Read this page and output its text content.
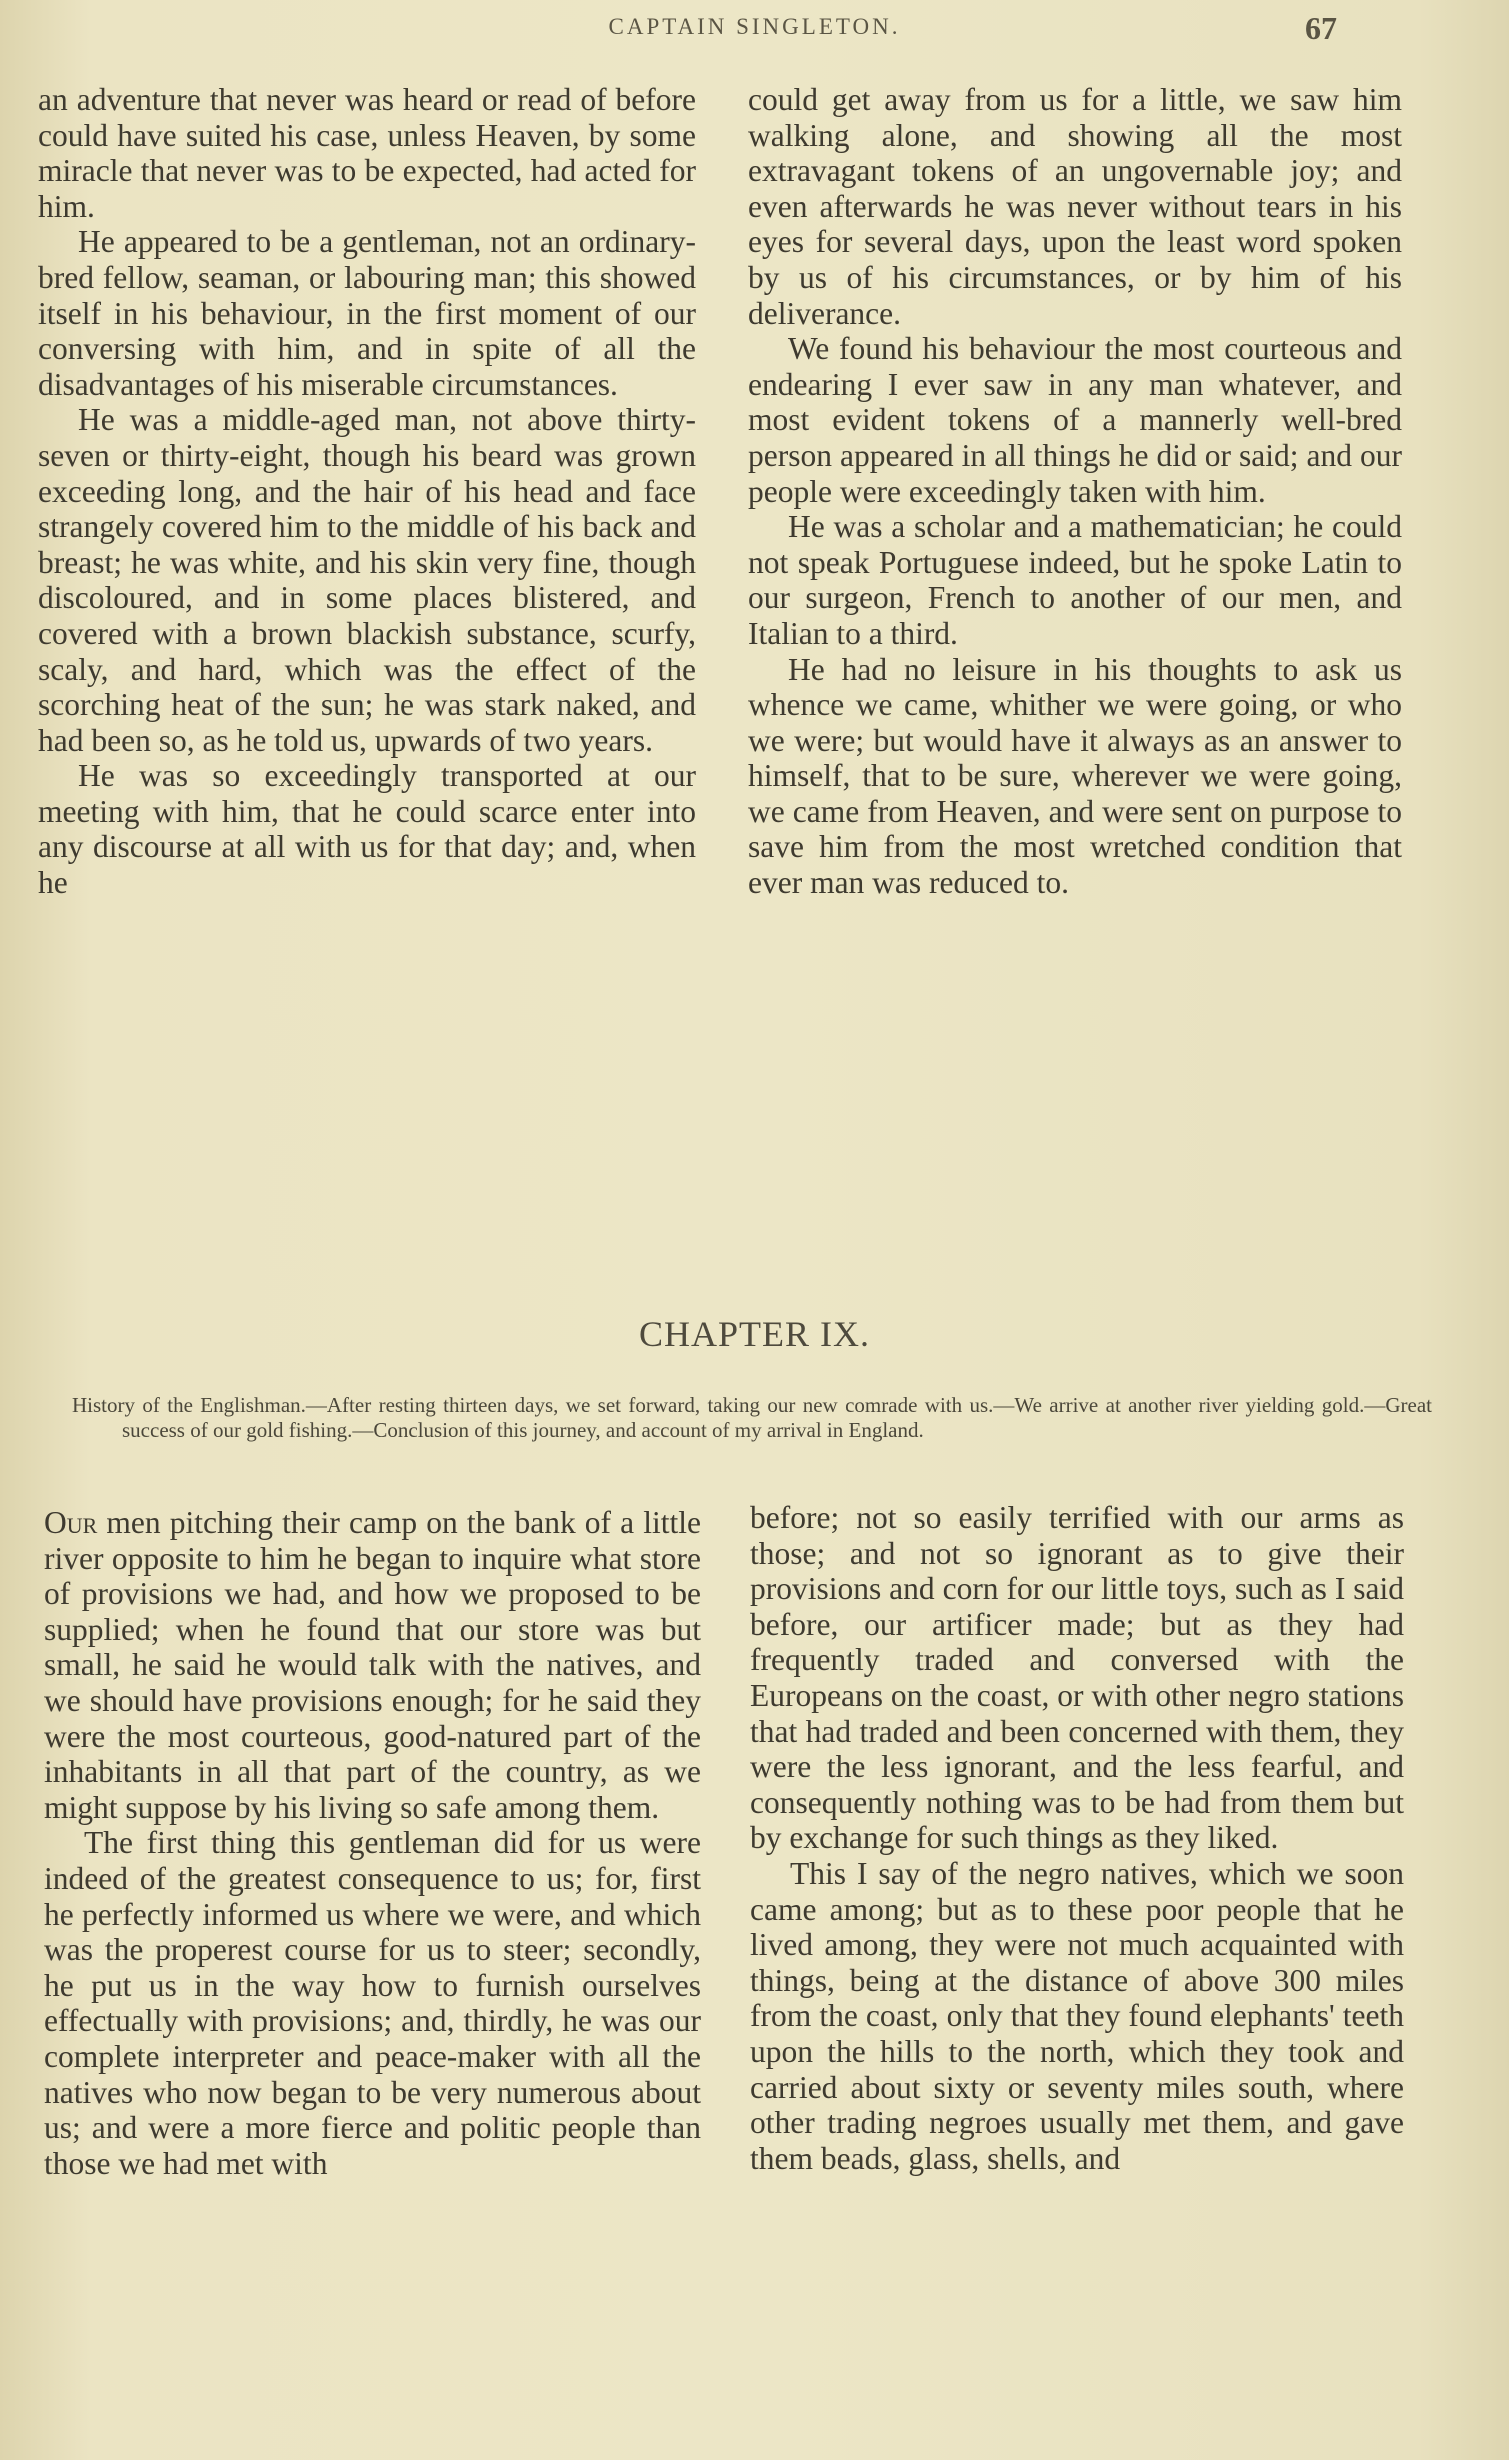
CAPTAIN SINGLETON.	67

an adventure that never was heard or read of before could have suited his case, unless Heaven, by some miracle that never was to be expected, had acted for him.

He appeared to be a gentleman, not an ordinary-bred fellow, seaman, or labouring man; this showed itself in his behaviour, in the first moment of our conversing with him, and in spite of all the disadvantages of his miserable circumstances.

He was a middle-aged man, not above thirty-seven or thirty-eight, though his beard was grown exceeding long, and the hair of his head and face strangely covered him to the middle of his back and breast; he was white, and his skin very fine, though discoloured, and in some places blistered, and covered with a brown blackish substance, scurfy, scaly, and hard, which was the effect of the scorching heat of the sun; he was stark naked, and had been so, as he told us, upwards of two years.

He was so exceedingly transported at our meeting with him, that he could scarce enter into any discourse at all with us for that day; and, when he

could get away from us for a little, we saw him walking alone, and showing all the most extravagant tokens of an ungovernable joy; and even afterwards he was never without tears in his eyes for several days, upon the least word spoken by us of his circumstances, or by him of his deliverance.

We found his behaviour the most courteous and endearing I ever saw in any man whatever, and most evident tokens of a mannerly well-bred person appeared in all things he did or said; and our people were exceedingly taken with him.

He was a scholar and a mathematician; he could not speak Portuguese indeed, but he spoke Latin to our surgeon, French to another of our men, and Italian to a third.

He had no leisure in his thoughts to ask us whence we came, whither we were going, or who we were; but would have it always as an answer to himself, that to be sure, wherever we were going, we came from Heaven, and were sent on purpose to save him from the most wretched condition that ever man was reduced to.

CHAPTER IX.
History of the Englishman.—After resting thirteen days, we set forward, taking our new comrade with us.—We arrive at another river yielding gold.—Great success of our gold fishing.—Conclusion of this journey, and account of my arrival in England.

Our men pitching their camp on the bank of a little river opposite to him he began to inquire what store of provisions we had, and how we proposed to be supplied; when he found that our store was but small, he said he would talk with the natives, and we should have provisions enough; for he said they were the most courteous, good-natured part of the inhabitants in all that part of the country, as we might suppose by his living so safe among them.

The first thing this gentleman did for us were indeed of the greatest consequence to us; for, first he perfectly informed us where we were, and which was the properest course for us to steer; secondly, he put us in the way how to furnish ourselves effectually with provisions; and, thirdly, he was our complete interpreter and peace-maker with all the natives who now began to be very numerous about us; and were a more fierce and politic people than those we had met with

before; not so easily terrified with our arms as those; and not so ignorant as to give their provisions and corn for our little toys, such as I said before, our artificer made; but as they had frequently traded and conversed with the Europeans on the coast, or with other negro stations that had traded and been concerned with them, they were the less ignorant, and the less fearful, and consequently nothing was to be had from them but by exchange for such things as they liked.

This I say of the negro natives, which we soon came among; but as to these poor people that he lived among, they were not much acquainted with things, being at the distance of above 300 miles from the coast, only that they found elephants' teeth upon the hills to the north, which they took and carried about sixty or seventy miles south, where other trading negroes usually met them, and gave them beads, glass, shells, and
